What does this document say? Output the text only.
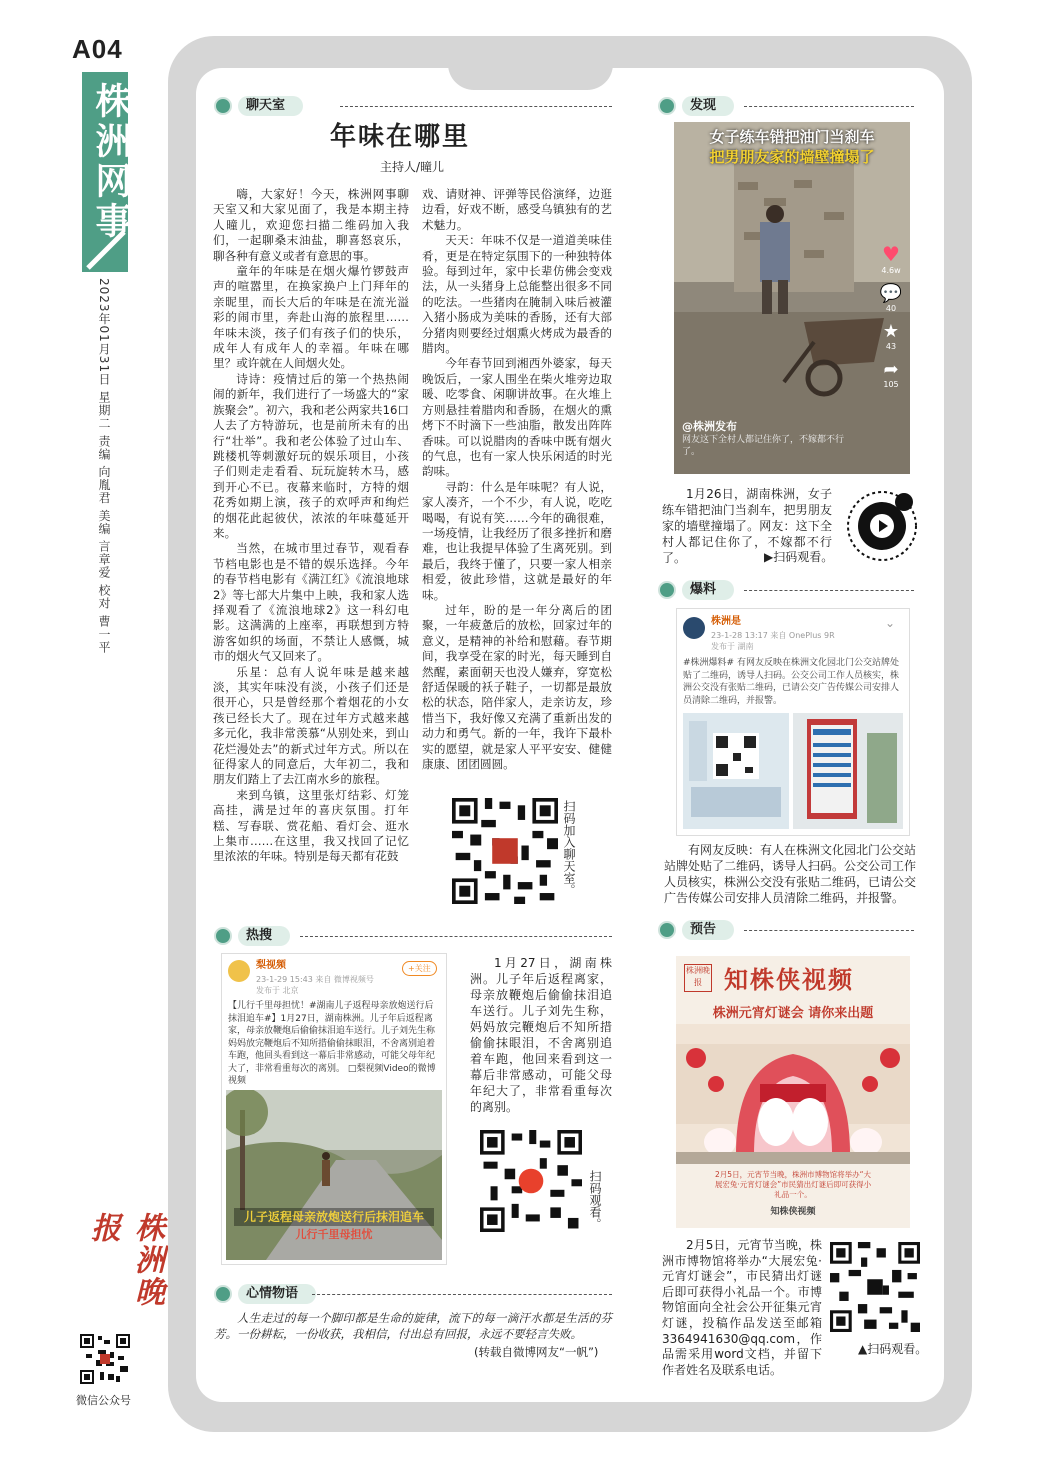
A04
株洲网事
2023年01月31日 星期二 责编 向胤君 美编 言章爱 校对 曹一平
株洲晚报
微信公众号
聊天室
年味在哪里
主持人/曈儿

嗨，大家好！今天，株洲网事聊天室又和大家见面了，我是本期主持人曈儿，欢迎您扫描二维码加入我们，一起聊桑末油盐，聊喜怒哀乐，聊各种有意义或者有意思的事。

童年的年味是在烟火爆竹锣鼓声声的喧嚣里，在换家换户上门拜年的亲昵里，而长大后的年味是在流光溢彩的闹市里，奔赴山海的旅程里……年味未淡，孩子们有孩子们的快乐，成年人有成年人的幸福。年味在哪里？或许就在人间烟火处。

诗诗：疫情过后的第一个热热闹闹的新年，我们进行了一场盛大的“家族聚会”。初六，我和老公两家共16口人去了方特游玩，也是前所未有的出行“壮举”。我和老公体验了过山车、跳楼机等刺激好玩的娱乐项目，小孩子们则走走看看、玩玩旋转木马，感到开心不已。夜幕来临时，方特的烟花秀如期上演，孩子的欢呼声和绚烂的烟花此起彼伏，浓浓的年味蔓延开来。

当然，在城市里过春节，观看春节档电影也是不错的娱乐选择。今年的春节档电影有《满江红》《流浪地球2》等七部大片集中上映，我和家人选择观看了《流浪地球2》这一科幻电影。这满满的上座率，再联想到方特游客如织的场面，不禁让人感慨，城市的烟火气又回来了。

乐星：总有人说年味是越来越淡，其实年味没有淡，小孩子们还是很开心，只是曾经那个着烟花的小女孩已经长大了。现在过年方式越来越多元化，我非常羡慕“从别处来，到山花烂漫处去”的新式过年方式。所以在征得家人的同意后，大年初二，我和朋友们踏上了去江南水乡的旅程。

来到乌镇，这里张灯结彩、灯笼高挂，满是过年的喜庆氛围。打年糕、写春联、赏花船、看灯会、逛水上集市……在这里，我又找回了记忆里浓浓的年味。特别是每天都有花鼓

戏、请财神、评弹等民俗演绎，边逛边看，好戏不断，感受乌镇独有的艺术魅力。

天天：年味不仅是一道道美味佳肴，更是在特定氛围下的一种独特体验。每到过年，家中长辈仿佛会变戏法，从一头猪身上总能整出很多不同的吃法。一些猪肉在腌制入味后被灌入猪小肠成为美味的香肠，还有大部分猪肉则要经过烟熏火烤成为最香的腊肉。

今年春节回到湘西外婆家，每天晚饭后，一家人围坐在柴火堆旁边取暖、吃零食、闲聊讲故事。在火堆上方则悬挂着腊肉和香肠，在烟火的熏烤下不时滴下一些油脂，散发出阵阵香味。可以说腊肉的香味中既有烟火的气息，也有一家人快乐闲适的时光韵味。

寻韵：什么是年味呢？有人说，家人凑齐，一个不少，有人说，吃吃喝喝，有说有笑……今年的确很难，一场疫情，让我经历了很多挫折和磨难，也让我提早体验了生离死别。到最后，我终于懂了，只要一家人相亲相爱，彼此珍惜，这就是最好的年味。

过年，盼的是一年分离后的团聚，一年疲惫后的放松，回家过年的意义，是精神的补给和慰藉。春节期间，我享受在家的时光，每天睡到自然醒，素面朝天也没人嫌弃，穿宽松舒适保暖的袄子鞋子，一切都是最放松的状态，陪伴家人，走亲访友，珍惜当下，我好像又充满了重新出发的动力和勇气。新的一年，我许下最朴实的愿望，就是家人平平安安、健健康康、团团圆圆。

扫码加入聊天室。
热搜
梨视频
23-1-29 15:43 来自 微博视频号
发布于 北京
+关注
【儿行千里母担忧！#湖南儿子返程母亲放炮送行后抹泪追车#】1月27日，湖南株洲。儿子年后返程离家，母亲放鞭炮后偷偷抹泪追车送行。儿子刘先生称妈妈放完鞭炮后不知所措偷偷抹眼泪，不舍离别追着车跑，他回头看到这一幕后非常感动，可能父母年纪大了，非常看重每次的离别。 □梨视频Video的微博视频
儿子返程母亲放炮送行后抹泪追车
儿行千里母担忧

1月27日，湖南株洲。儿子年后返程离家，母亲放鞭炮后偷偷抹泪追车送行。儿子刘先生称，妈妈放完鞭炮后不知所措偷偷抹眼泪，不舍离别追着车跑，他回来看到这一幕后非常感动，可能父母年纪大了，非常看重每次的离别。

扫码观看。
心情物语

人生走过的每一个脚印都是生命的旋律，流下的每一滴汗水都是生活的芬芳。一份耕耘，一份收获，我相信，付出总有回报，永远不要轻言失败。

(转载自微博网友“一帆”)
发现
女子练车错把油门当刹车
把男朋友家的墙壁撞塌了
♥
4.6w
💬
40
★
43
➦
105
@株洲发布
网友这下全村人都记住你了，不嫁都不行了。

1月26日，湖南株洲，女子练车错把油门当刹车，把男朋友家的墙壁撞塌了。网友：这下全村人都记住你了，不嫁都不行了。	▶扫码观看。
爆料
株洲是
23-1-28 13:17 来自 OnePlus 9R
发布于 湖南
⌄
#株洲爆料# 有网友反映在株洲文化园北门公交站牌处贴了二维码，诱导人扫码。公交公司工作人员核实，株洲公交没有张贴二维码，已请公交广告传媒公司安排人员清除二维码，并报警。

有网友反映：有人在株洲文化园北门公交站站牌处贴了二维码，诱导人扫码。公交公司工作人员核实，株洲公交没有张贴二维码，已请公交广告传媒公司安排人员清除二维码，并报警。

预告
株洲晚报 知株侠视频
株洲元宵灯谜会 请你来出题
2月5日，元宵节当晚，株洲市博物馆将举办“大展宏兔·元宵灯谜会”市民猜出灯谜后即可获得小礼品一个。
知株侠视频

2月5日，元宵节当晚，株洲市博物馆将举办“大展宏兔·元宵灯谜会”，市民猜出灯谜后即可获得小礼品一个。市博物馆面向全社会公开征集元宵灯谜，投稿作品发送至邮箱3364941630@qq.com，作品需采用word文档，并留下作者姓名及联系电话。

▲扫码观看。
